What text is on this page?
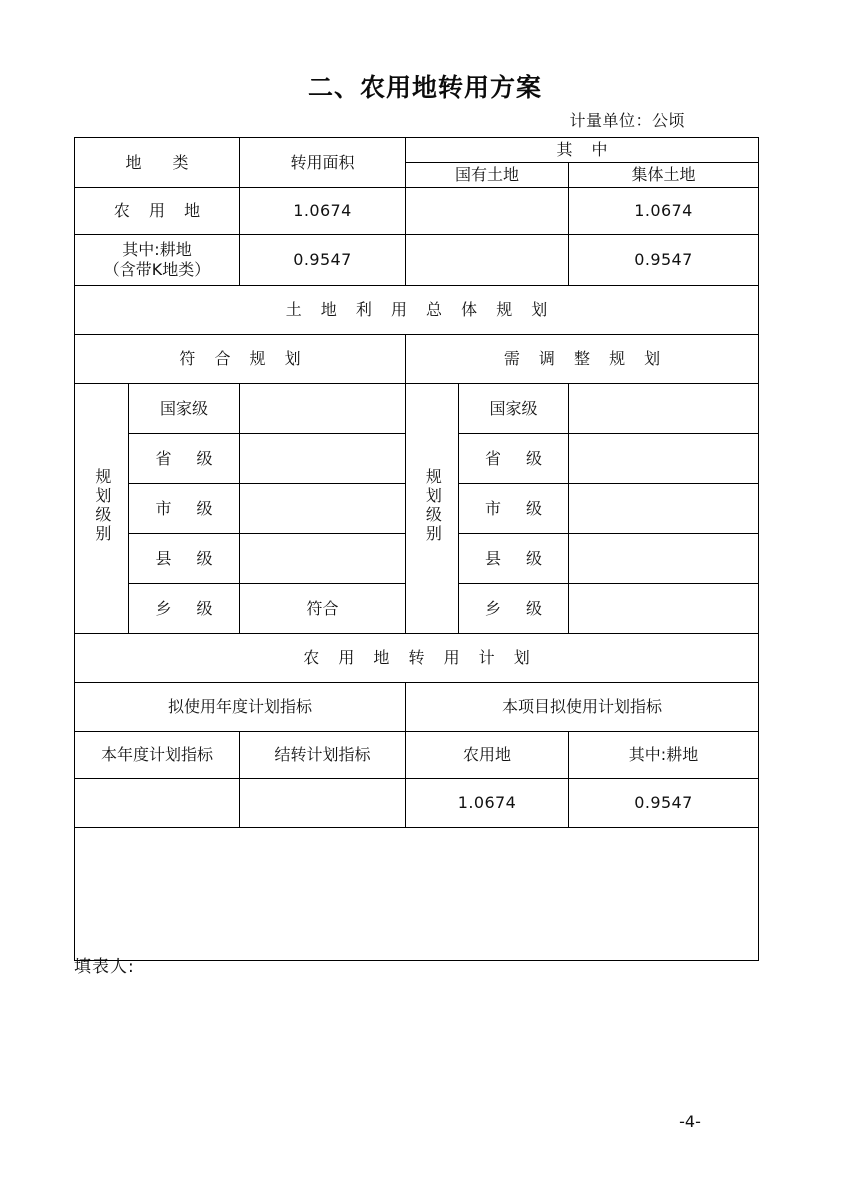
二、农用地转用方案
计量单位：公顷
地 类		转用面积	其 中		
			国有土地		集体土地
农 用 地		1.0674			1.0674

其中:耕地
（含带K地类）		0.9547			0.9547
土 地 利 用 总 体 规 划					
符 合 规 划			需 调 整 规 划		
规划级别	国家级		规划级别	国家级	
	省 级			省 级	
	市 级			市 级	
	县 级			县 级	
	乡 级	符合		乡 级	
农 用 地 转 用 计 划					
拟使用年度计划指标			本项目拟使用计划指标		
本年度计划指标		结转计划指标	农用地		其中:耕地
			1.0674		0.9547

填表人:
-4-
